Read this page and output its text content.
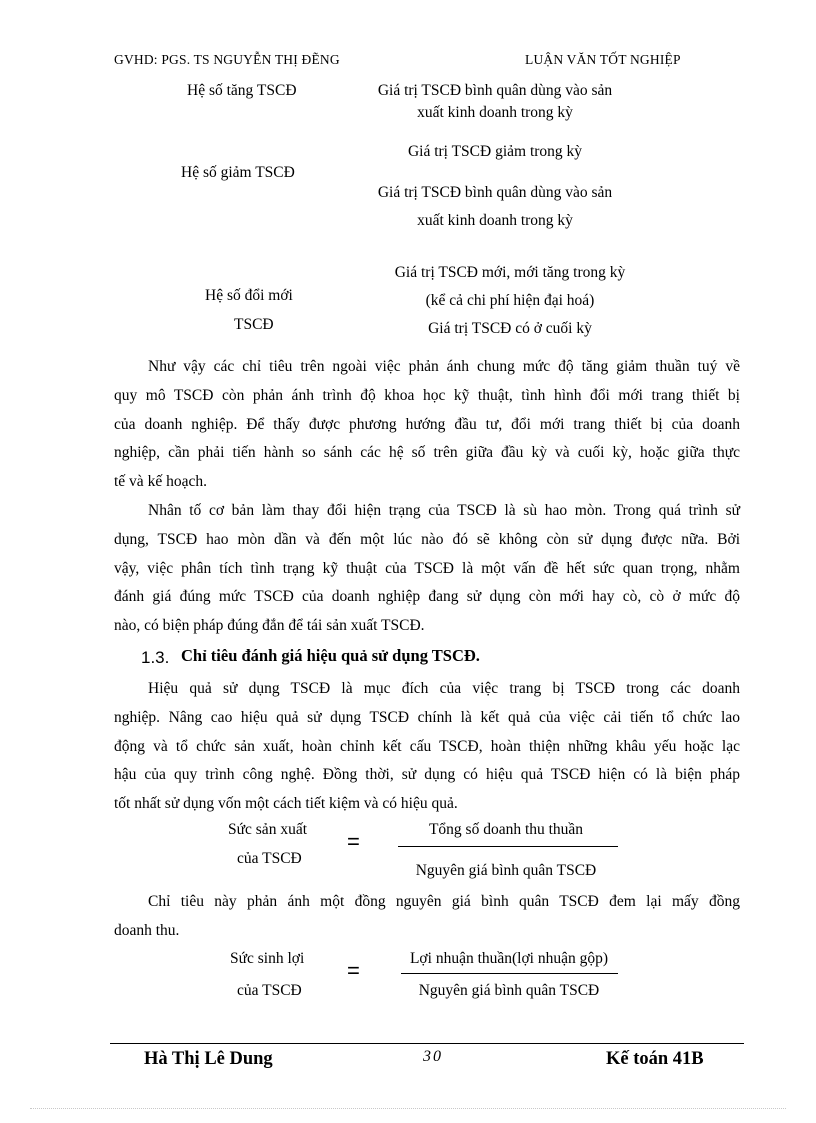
GVHD: PGS. TS NGUYỄN THỊ ĐẼNG	LUẬN VĂN TỐT NGHIỆP
Hệ số tăng TSCĐ	Giá trị TSCĐ bình quân dùng vào sản
xuất kinh doanh trong kỳ
Hệ số giảm TSCĐ
Giá trị TSCĐ giảm trong kỳ
Giá trị TSCĐ bình quân dùng vào sản
xuất kinh doanh trong kỳ
Hệ số đổi mới
TSCĐ
Giá trị TSCĐ mới, mới tăng trong kỳ
(kể cả chi phí hiện đại hoá)
Giá trị TSCĐ có ở cuối kỳ
Như vậy các chỉ tiêu trên ngoài việc phản ánh chung mức độ tăng giảm thuần tuý về
quy mô TSCĐ còn phản ánh trình độ khoa học kỹ thuật, tình hình đổi mới trang thiết bị
của doanh nghiệp. Để thấy được phương hướng đầu tư, đổi mới trang thiết bị của doanh
nghiệp, cần phải tiến hành so sánh các hệ số trên giữa đầu kỳ và cuối kỳ, hoặc giữa thực
tế và kế hoạch.
Nhân tố cơ bản làm thay đổi hiện trạng của TSCĐ là sù hao mòn. Trong quá trình sử
dụng, TSCĐ hao mòn dần và đến một lúc nào đó sẽ không còn sử dụng được nữa. Bởi
vậy, việc phân tích tình trạng kỹ thuật của TSCĐ là một vấn đề hết sức quan trọng, nhằm
đánh giá đúng mức TSCĐ của doanh nghiệp đang sử dụng còn mới hay cò, cò ở mức độ
nào, có biện pháp đúng đắn để tái sản xuất TSCĐ.
1.3. Chỉ tiêu đánh giá hiệu quả sử dụng TSCĐ.
Hiệu quả sử dụng TSCĐ là mục đích của việc trang bị TSCĐ trong các doanh
nghiệp. Nâng cao hiệu quả sử dụng TSCĐ chính là kết quả của việc cải tiến tổ chức lao
động và tổ chức sản xuất, hoàn chỉnh kết cấu TSCĐ, hoàn thiện những khâu yếu hoặc lạc
hậu của quy trình công nghệ. Đồng thời, sử dụng có hiệu quả TSCĐ hiện có là biện pháp
tốt nhất sử dụng vốn một cách tiết kiệm và có hiệu quả.
Sức sản xuất
của TSCĐ
=	Tổng số doanh thu thuần
Nguyên giá bình quân TSCĐ
Chỉ tiêu này phản ánh một đồng nguyên giá bình quân TSCĐ đem lại mấy đồng
doanh thu.
Sức sinh lợi
của TSCĐ
=	Lợi nhuận thuần(lợi nhuận gộp)
Nguyên giá bình quân TSCĐ
Hà Thị Lê Dung	30	Kế toán 41B
